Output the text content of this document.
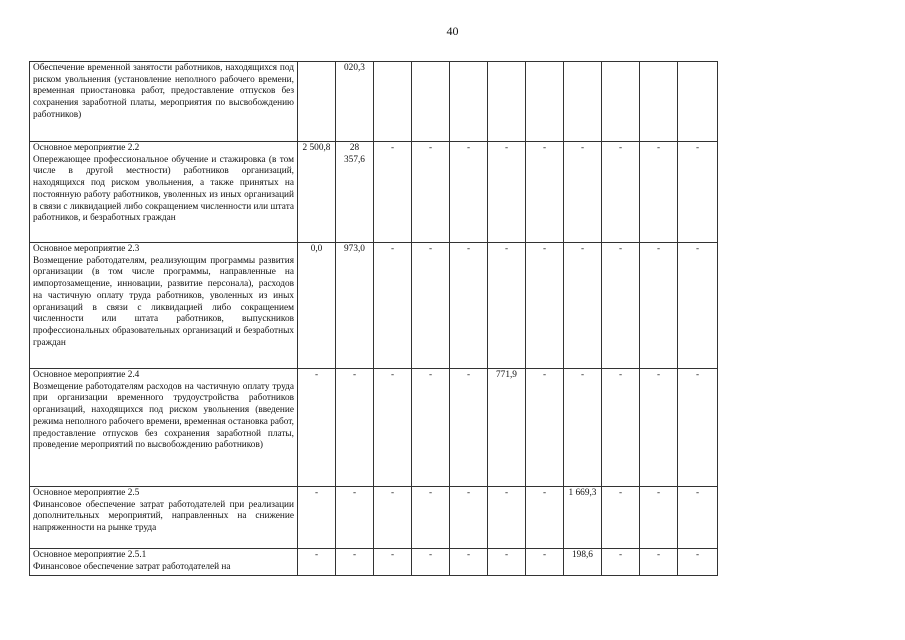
40
Обеспечение временной занятости работников, находящихся под риском увольнения (установление неполного рабочего времени, временная приостановка работ, предоставление отпусков без сохранения заработной платы, мероприятия по высвобождению работников)		020,3									

Основное мероприятие 2.2
Опережающее профессиональное обучение и стажировка (в том числе в другой местности) работников организаций, находящихся под риском увольнения, а также принятых на постоянную работу работников, уволенных из иных организаций в связи с ликвидацией либо сокращением численности или штата работников, и безработных граждан	2 500,8	28 357,6	-	-	-	-	-	-	-	-	-

Основное мероприятие 2.3
Возмещение работодателям, реализующим программы развития организации (в том числе программы, направленные на импортозамещение, инновации, развитие персонала), расходов на частичную оплату труда работников, уволенных из иных организаций в связи с ликвидацией либо сокращением численности или штата работников, выпускников профессиональных образовательных организаций и безработных граждан	0,0	973,0	-	-	-	-	-	-	-	-	-

Основное мероприятие 2.4
Возмещение работодателям расходов на частичную оплату труда при организации временного трудоустройства работников организаций, находящихся под риском увольнения (введение режима неполного рабочего времени, временная остановка работ, предоставление отпусков без сохранения заработной платы, проведение мероприятий по высвобождению работников)	-	-	-	-	-	771,9	-	-	-	-	-

Основное мероприятие 2.5
Финансовое обеспечение затрат работодателей при реализации дополнительных мероприятий, направленных на снижение напряженности на рынке труда	-	-	-	-	-	-	-	1 669,3	-	-	-

Основное мероприятие 2.5.1
Финансовое обеспечение затрат работодателей на	-	-	-	-	-	-	-	198,6	-	-	-
